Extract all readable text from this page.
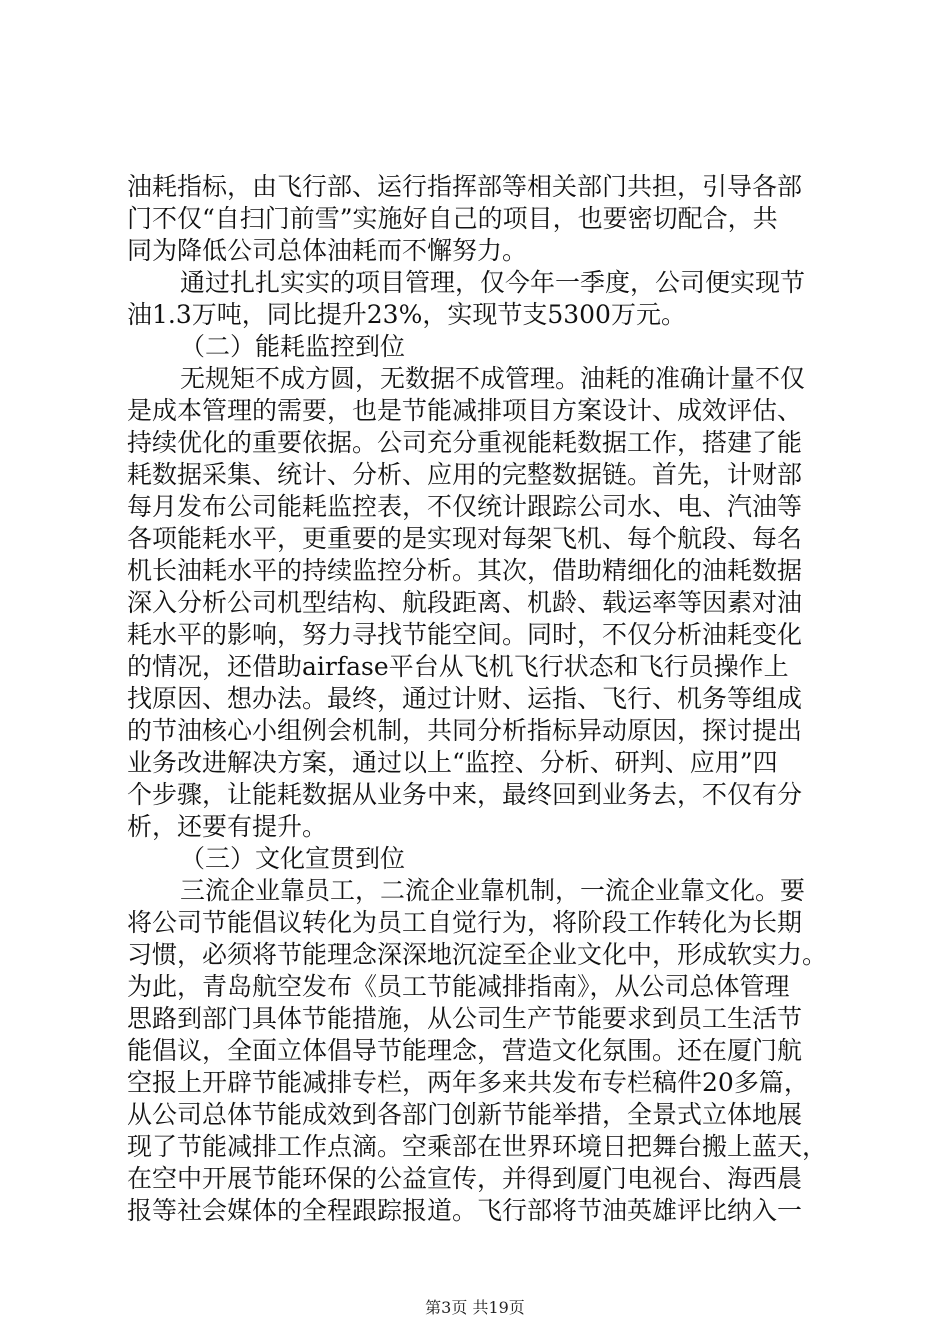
油耗指标，由飞行部、运行指挥部等相关部门共担，引导各部
门不仅“自扫门前雪”实施好自己的项目，也要密切配合，共
同为降低公司总体油耗而不懈努力。
通过扎扎实实的项目管理，仅今年一季度，公司便实现节
油1.3万吨，同比提升23%，实现节支5300万元。
（二）能耗监控到位
无规矩不成方圆，无数据不成管理。油耗的准确计量不仅
是成本管理的需要，也是节能减排项目方案设计、成效评估、
持续优化的重要依据。公司充分重视能耗数据工作，搭建了能
耗数据采集、统计、分析、应用的完整数据链。首先，计财部
每月发布公司能耗监控表，不仅统计跟踪公司水、电、汽油等
各项能耗水平，更重要的是实现对每架飞机、每个航段、每名
机长油耗水平的持续监控分析。其次，借助精细化的油耗数据
深入分析公司机型结构、航段距离、机龄、载运率等因素对油
耗水平的影响，努力寻找节能空间。同时，不仅分析油耗变化
的情况，还借助airfase平台从飞机飞行状态和飞行员操作上
找原因、想办法。最终，通过计财、运指、飞行、机务等组成
的节油核心小组例会机制，共同分析指标异动原因，探讨提出
业务改进解决方案，通过以上“监控、分析、研判、应用”四
个步骤，让能耗数据从业务中来，最终回到业务去，不仅有分
析，还要有提升。
（三）文化宣贯到位
三流企业靠员工，二流企业靠机制，一流企业靠文化。要
将公司节能倡议转化为员工自觉行为，将阶段工作转化为长期
习惯，必须将节能理念深深地沉淀至企业文化中，形成软实力。
为此，青岛航空发布《员工节能减排指南》，从公司总体管理
思路到部门具体节能措施，从公司生产节能要求到员工生活节
能倡议，全面立体倡导节能理念，营造文化氛围。还在厦门航
空报上开辟节能减排专栏，两年多来共发布专栏稿件20多篇，
从公司总体节能成效到各部门创新节能举措，全景式立体地展
现了节能减排工作点滴。空乘部在世界环境日把舞台搬上蓝天，
在空中开展节能环保的公益宣传，并得到厦门电视台、海西晨
报等社会媒体的全程跟踪报道。飞行部将节油英雄评比纳入一
第3页 共19页
